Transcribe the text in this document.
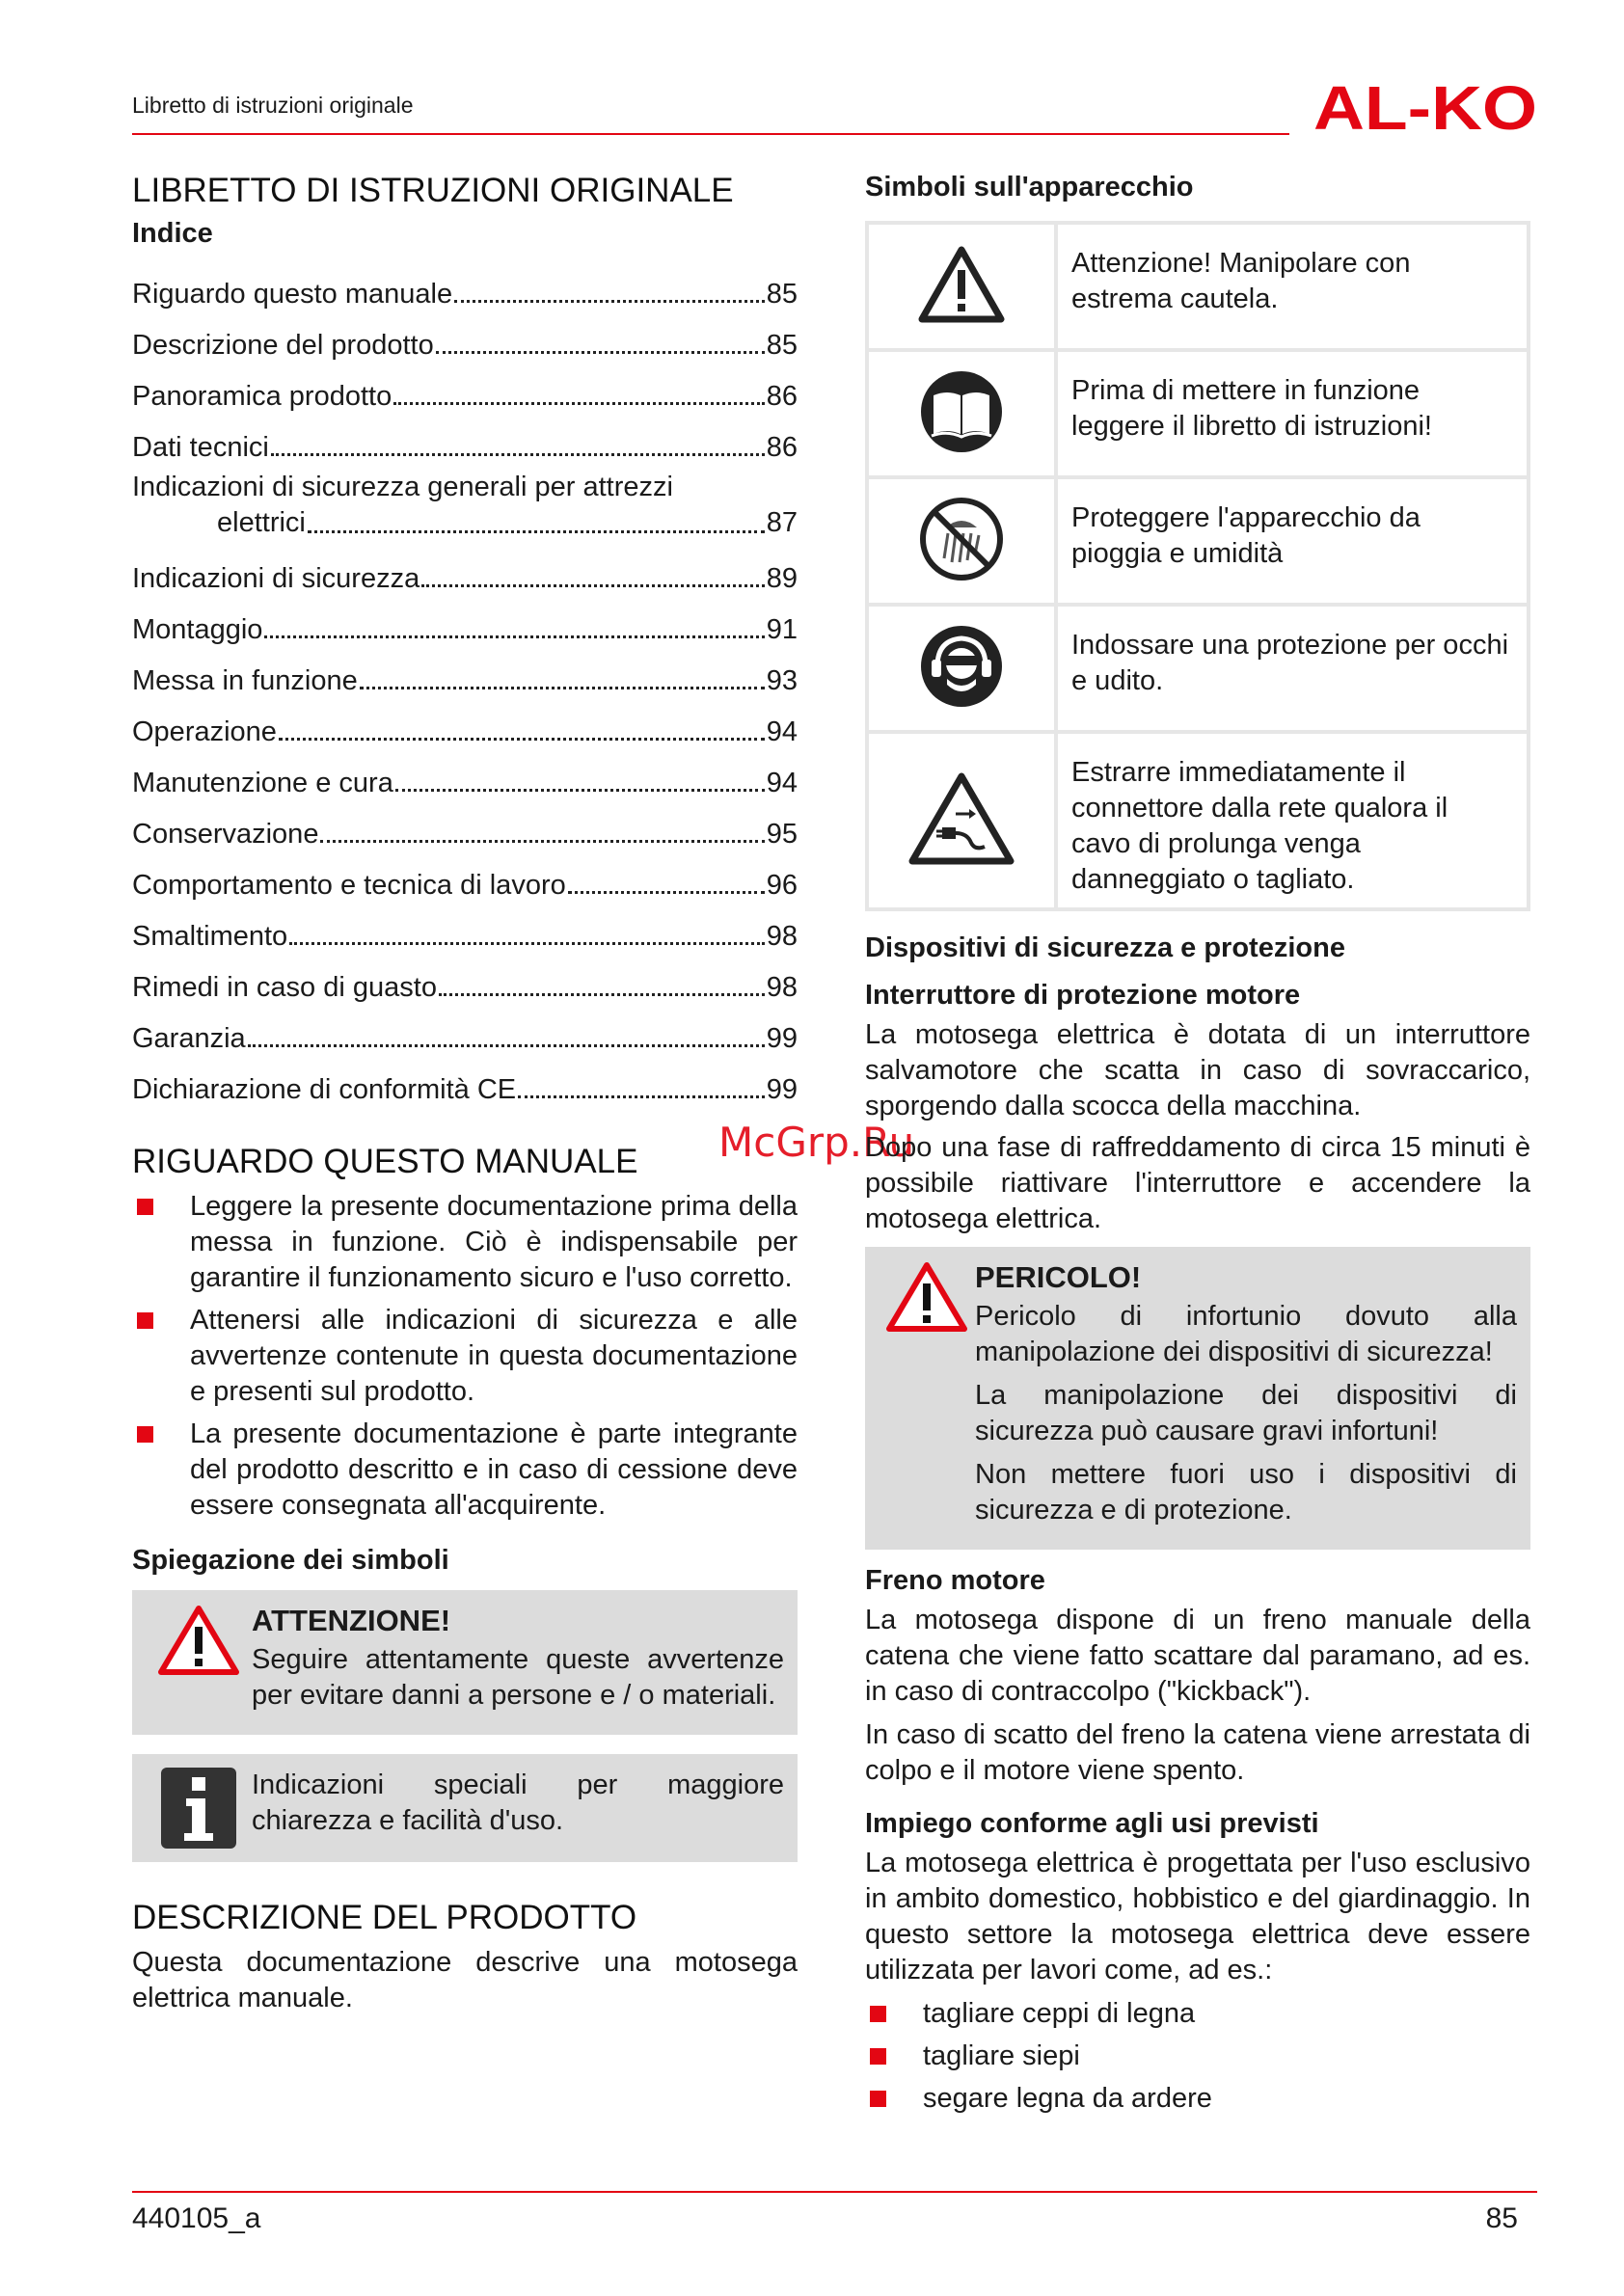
Libretto di istruzioni originale	AL-KO
McGrp.Ru
LIBRETTO DI ISTRUZIONI ORIGINALE
Indice
Riguardo questo manuale	85
Descrizione del prodotto	85
Panoramica prodotto	86
Dati tecnici	86
Indicazioni di sicurezza generali per attrezzi
elettrici	87
Indicazioni di sicurezza	89
Montaggio	91
Messa in funzione	93
Operazione	94
Manutenzione e cura	94
Conservazione	95
Comportamento e tecnica di lavoro	96
Smaltimento	98
Rimedi in caso di guasto	98
Garanzia	99
Dichiarazione di conformità CE	99
RIGUARDO QUESTO MANUALE
Leggere la presente documentazione prima della messa in funzione. Ciò è indispensabile per garantire il funzionamento sicuro e l'uso corretto.
Attenersi alle indicazioni di sicurezza e alle avvertenze contenute in questa documentazione e presenti sul prodotto.
La presente documentazione è parte integrante del prodotto descritto e in caso di cessione deve essere consegnata all'acquirente.
Spiegazione dei simboli
ATTENZIONE!

Seguire attentamente queste avvertenze per evitare danni a persone e / o materiali.

Indicazioni speciali per maggiore chiarezza e facilità d'uso.

DESCRIZIONE DEL PRODOTTO

Questa documentazione descrive una motosega elettrica manuale.

Simboli sull'apparecchio
	Attenzione! Manipolare con estrema cautela.
	Prima di mettere in funzione leggere il libretto di istruzioni!
	Proteggere l'apparecchio da pioggia e umidità
	Indossare una protezione per occhi e udito.
	Estrarre immediatamente il connettore dalla rete qualora il cavo di prolunga venga danneggiato o tagliato.
Dispositivi di sicurezza e protezione
Interruttore di protezione motore

La motosega elettrica è dotata di un interruttore salvamotore che scatta in caso di sovraccarico, sporgendo dalla scocca della macchina.

Dopo una fase di raffreddamento di circa 15 minuti è possibile riattivare l'interruttore e accendere la motosega elettrica.

PERICOLO!

Pericolo di infortunio dovuto alla manipolazione dei dispositivi di sicurezza!

La manipolazione dei dispositivi di sicurezza può causare gravi infortuni!

Non mettere fuori uso i dispositivi di sicurezza e di protezione.

Freno motore

La motosega dispone di un freno manuale della catena che viene fatto scattare dal paramano, ad es. in caso di contraccolpo ("kickback").

In caso di scatto del freno la catena viene arrestata di colpo e il motore viene spento.

Impiego conforme agli usi previsti

La motosega elettrica è progettata per l'uso esclusivo in ambito domestico, hobbistico e del giardinaggio. In questo settore la motosega elettrica deve essere utilizzata per lavori come, ad es.:

tagliare ceppi di legna
tagliare siepi
segare legna da ardere
440105_a	85
